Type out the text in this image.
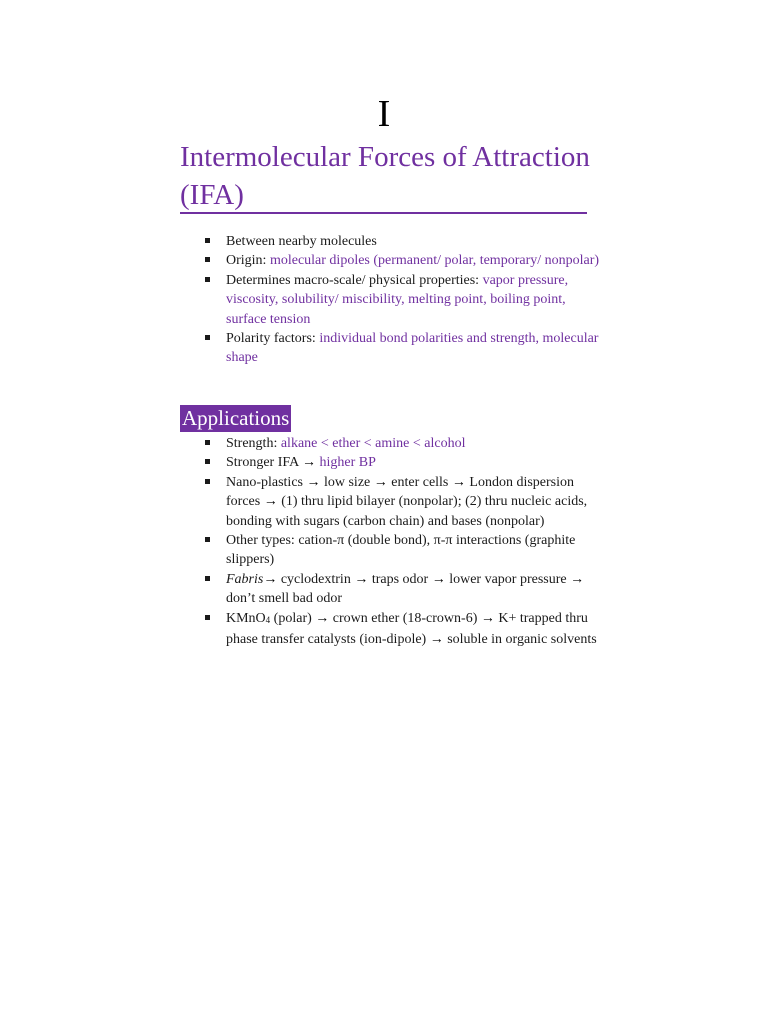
I
Intermolecular Forces of Attraction (IFA)
Between nearby molecules
Origin: molecular dipoles (permanent/ polar, temporary/ nonpolar)
Determines macro-scale/ physical properties: vapor pressure, viscosity, solubility/ miscibility, melting point, boiling point, surface tension
Polarity factors: individual bond polarities and strength, molecular shape
Applications
Strength: alkane < ether < amine < alcohol
Stronger IFA → higher BP
Nano-plastics → low size → enter cells → London dispersion forces → (1) thru lipid bilayer (nonpolar); (2) thru nucleic acids, bonding with sugars (carbon chain) and bases (nonpolar)
Other types: cation-π (double bond), π-π interactions (graphite slippers)
Fabris→ cyclodextrin → traps odor → lower vapor pressure → don’t smell bad odor
KMnO$_4$ (polar) → crown ether (18-crown-6) → K+ trapped thru phase transfer catalysts (ion-dipole) → soluble in organic solvents
